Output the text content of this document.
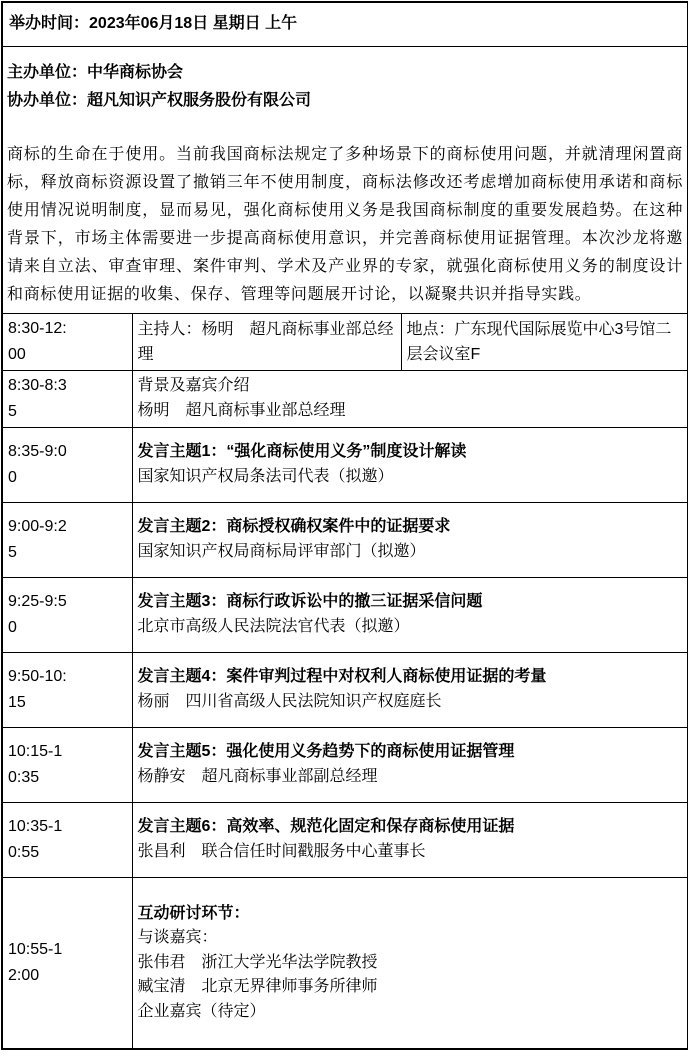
举办时间：2023年06月18日 星期日 上午		

主办单位：中华商标协会
协办单位：超凡知识产权服务股份有限公司

商标的生命在于使用。当前我国商标法规定了多种场景下的商标使用问题，并就清理闲置商标，释放商标资源设置了撤销三年不使用制度，商标法修改还考虑增加商标使用承诺和商标使用情况说明制度，显而易见，强化商标使用义务是我国商标制度的重要发展趋势。在这种背景下，市场主体需要进一步提高商标使用意识，并完善商标使用证据管理。本次沙龙将邀请来自立法、审查审理、案件审判、学术及产业界的专家，就强化商标使用义务的制度设计和商标使用证据的收集、保存、管理等问题展开讨论，以凝聚共识并指导实践。		

8:30-12:00	主持人：杨明　超凡商标事业部总经理	地点：广东现代国际展览中心3号馆二层会议室F

8:30-8:35	背景及嘉宾介绍
杨明　超凡商标事业部总经理	

8:35-9:00	发言主题1：“强化商标使用义务”制度设计解读
国家知识产权局条法司代表（拟邀）	

9:00-9:25	发言主题2：商标授权确权案件中的证据要求
国家知识产权局商标局评审部门（拟邀）	

9:25-9:50	发言主题3：商标行政诉讼中的撤三证据采信问题
北京市高级人民法院法官代表（拟邀）	

9:50-10:15	发言主题4：案件审判过程中对权利人商标使用证据的考量
杨丽　四川省高级人民法院知识产权庭庭长	

10:15-10:35	发言主题5：强化使用义务趋势下的商标使用证据管理
杨静安　超凡商标事业部副总经理	

10:35-10:55	发言主题6：高效率、规范化固定和保存商标使用证据
张昌利　联合信任时间戳服务中心董事长	

10:55-12:00	互动研讨环节：
与谈嘉宾：
张伟君　浙江大学光华法学院教授
臧宝清　北京无界律师事务所律师
企业嘉宾（待定）	
